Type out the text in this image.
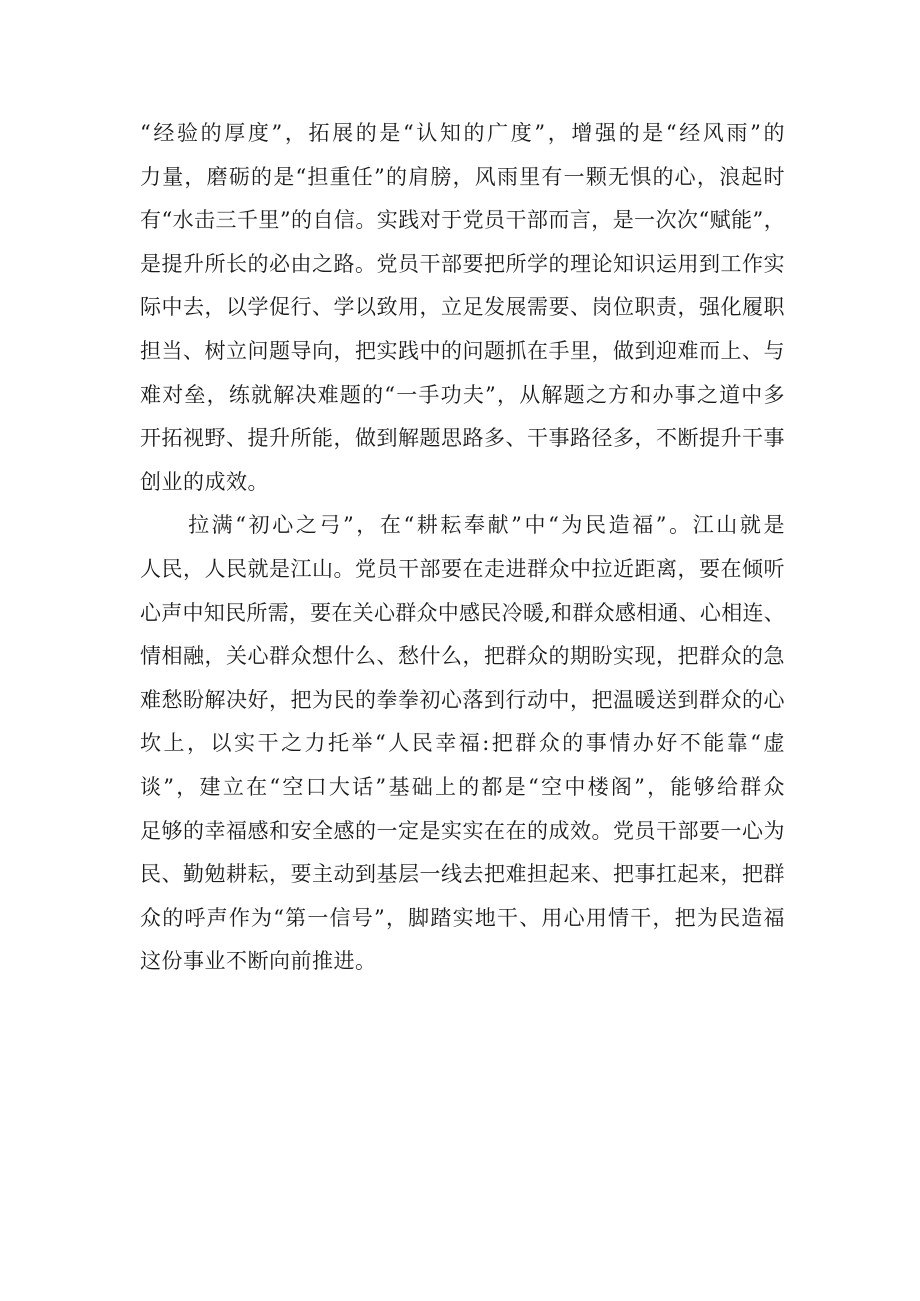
“经验的厚度”，拓展的是“认知的广度”，增强的是“经风雨”的
力量，磨砺的是“担重任”的肩膀，风雨里有一颗无惧的心，浪起时
有“水击三千里”的自信。实践对于党员干部而言，是一次次“赋能”，
是提升所长的必由之路。党员干部要把所学的理论知识运用到工作实
际中去，以学促行、学以致用，立足发展需要、岗位职责，强化履职
担当、树立问题导向，把实践中的问题抓在手里，做到迎难而上、与
难对垒，练就解决难题的“一手功夫”，从解题之方和办事之道中多
开拓视野、提升所能，做到解题思路多、干事路径多，不断提升干事
创业的成效。
拉满“初心之弓”，在“耕耘奉献”中“为民造福”。江山就是
人民，人民就是江山。党员干部要在走进群众中拉近距离，要在倾听
心声中知民所需，要在关心群众中感民冷暖,和群众感相通、心相连、
情相融，关心群众想什么、愁什么，把群众的期盼实现，把群众的急
难愁盼解决好，把为民的拳拳初心落到行动中，把温暖送到群众的心
坎上，以实干之力托举“人民幸福:把群众的事情办好不能靠“虚
谈”，建立在“空口大话”基础上的都是“空中楼阁”，能够给群众
足够的幸福感和安全感的一定是实实在在的成效。党员干部要一心为
民、勤勉耕耘，要主动到基层一线去把难担起来、把事扛起来，把群
众的呼声作为“第一信号”，脚踏实地干、用心用情干，把为民造福
这份事业不断向前推进。
